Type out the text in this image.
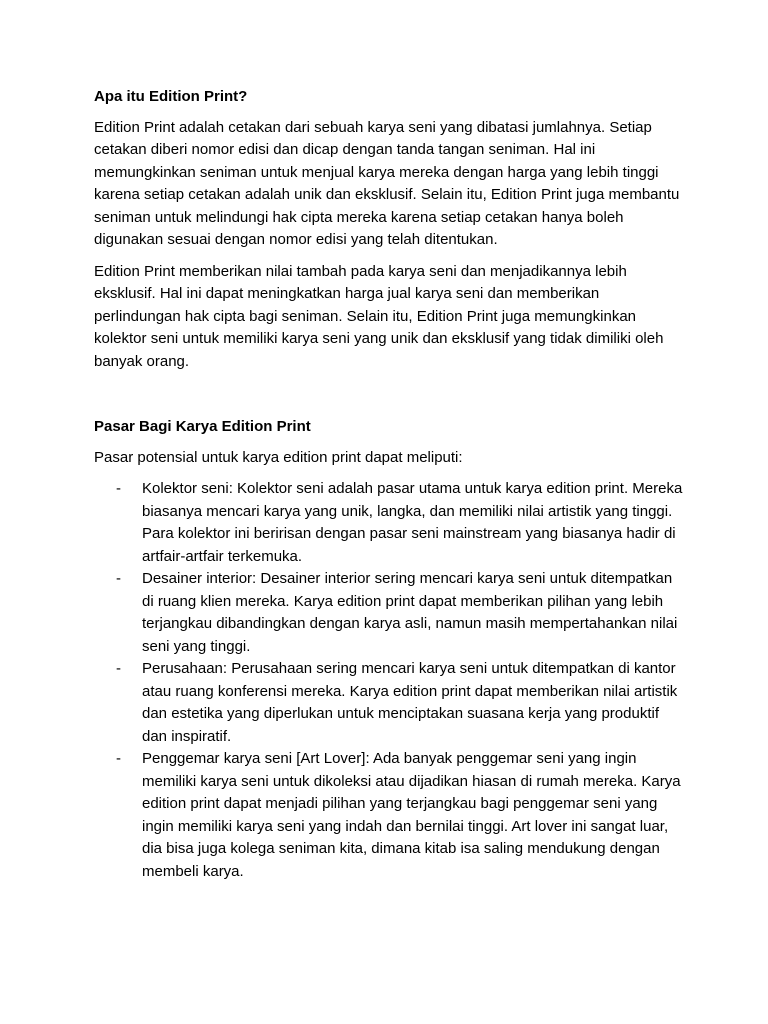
Apa itu Edition Print?

Edition Print adalah cetakan dari sebuah karya seni yang dibatasi jumlahnya. Setiap cetakan diberi nomor edisi dan dicap dengan tanda tangan seniman. Hal ini memungkinkan seniman untuk menjual karya mereka dengan harga yang lebih tinggi karena setiap cetakan adalah unik dan eksklusif. Selain itu, Edition Print juga membantu seniman untuk melindungi hak cipta mereka karena setiap cetakan hanya boleh digunakan sesuai dengan nomor edisi yang telah ditentukan.

Edition Print memberikan nilai tambah pada karya seni dan menjadikannya lebih eksklusif. Hal ini dapat meningkatkan harga jual karya seni dan memberikan perlindungan hak cipta bagi seniman. Selain itu, Edition Print juga memungkinkan kolektor seni untuk memiliki karya seni yang unik dan eksklusif yang tidak dimiliki oleh banyak orang.

Pasar Bagi Karya Edition Print

Pasar potensial untuk karya edition print dapat meliputi:

- Kolektor seni: Kolektor seni adalah pasar utama untuk karya edition print. Mereka biasanya mencari karya yang unik, langka, dan memiliki nilai artistik yang tinggi. Para kolektor ini beririsan dengan pasar seni mainstream yang biasanya hadir di artfair-artfair terkemuka.
- Desainer interior: Desainer interior sering mencari karya seni untuk ditempatkan di ruang klien mereka. Karya edition print dapat memberikan pilihan yang lebih terjangkau dibandingkan dengan karya asli, namun masih mempertahankan nilai seni yang tinggi.
- Perusahaan: Perusahaan sering mencari karya seni untuk ditempatkan di kantor atau ruang konferensi mereka. Karya edition print dapat memberikan nilai artistik dan estetika yang diperlukan untuk menciptakan suasana kerja yang produktif dan inspiratif.
- Penggemar karya seni [Art Lover]: Ada banyak penggemar seni yang ingin memiliki karya seni untuk dikoleksi atau dijadikan hiasan di rumah mereka. Karya edition print dapat menjadi pilihan yang terjangkau bagi penggemar seni yang ingin memiliki karya seni yang indah dan bernilai tinggi. Art lover ini sangat luar, dia bisa juga kolega seniman kita, dimana kitab isa saling mendukung dengan membeli karya.
